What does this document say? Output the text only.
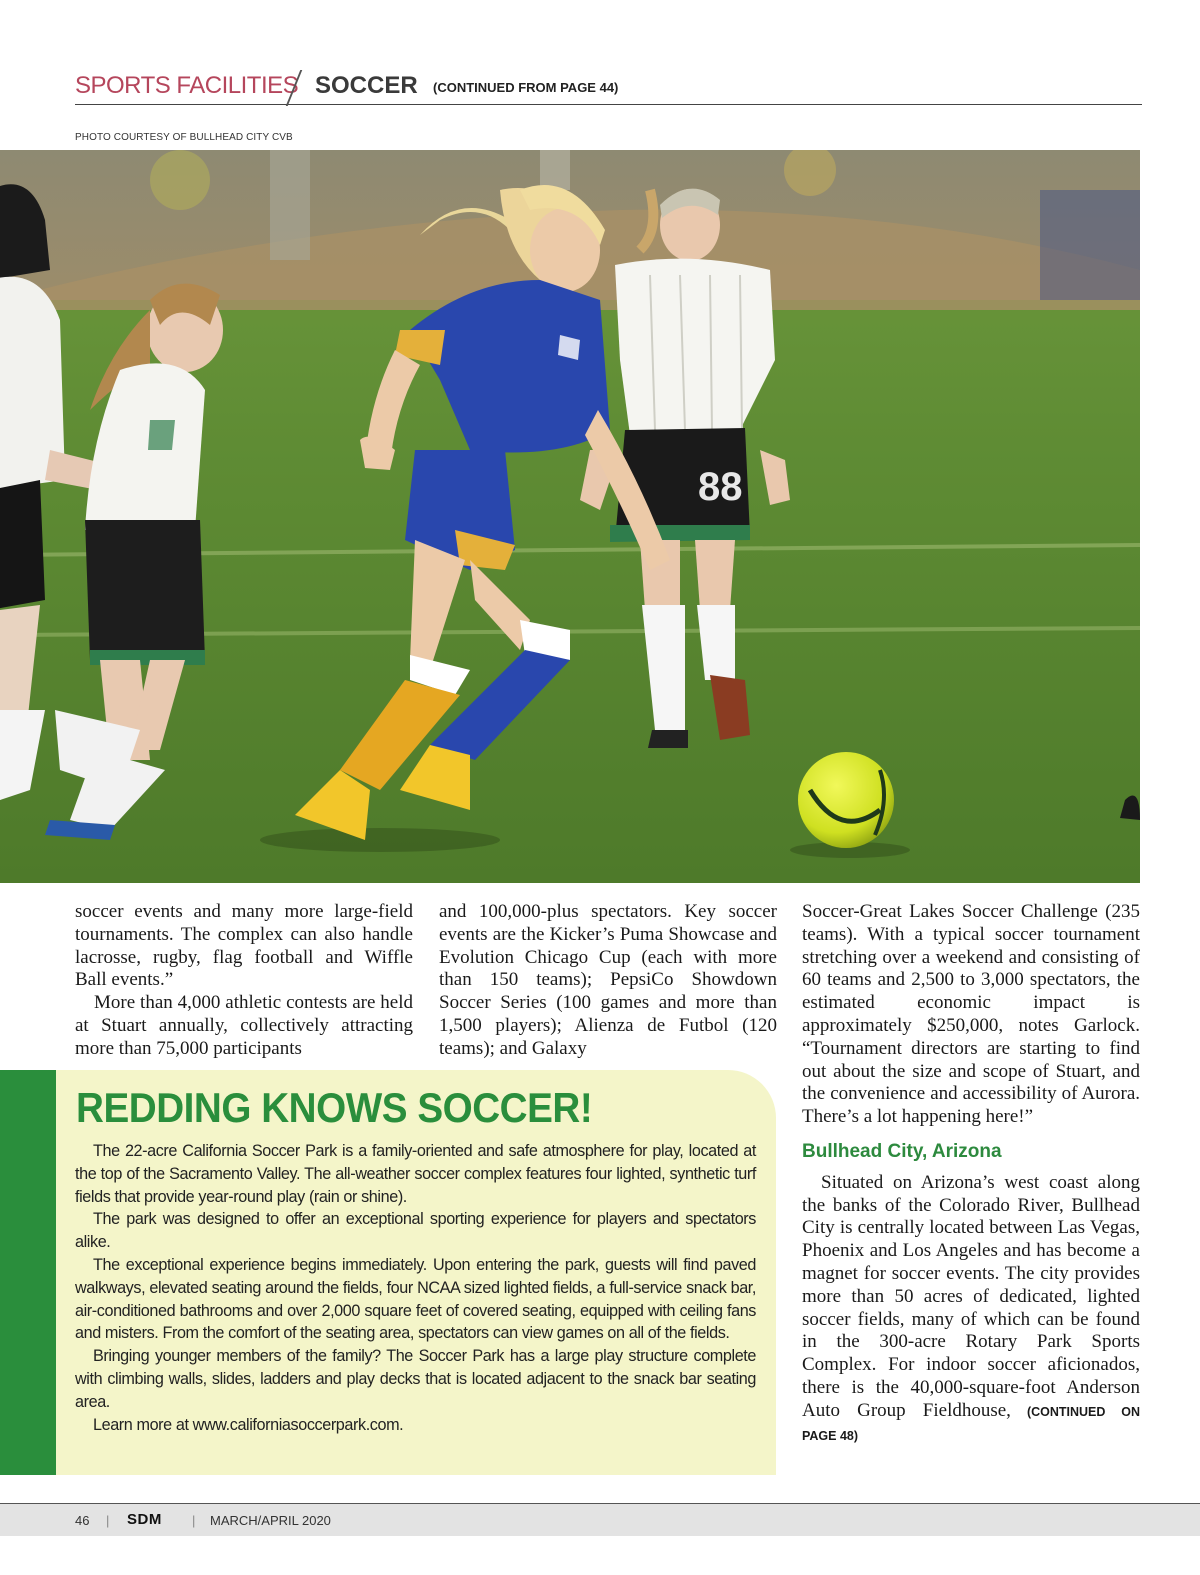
SPORTS FACILITIES SOCCER (CONTINUED FROM PAGE 44)
PHOTO COURTESY OF BULLHEAD CITY CVB
88

soccer events and many more large-field tournaments. The complex can also handle lacrosse, rugby, flag football and Wiffle Ball events.”

More than 4,000 athletic contests are held at Stuart annually, collectively attracting more than 75,000 participants

and 100,000-plus spectators. Key soccer events are the Kicker’s Puma Showcase and Evolution Chicago Cup (each with more than 150 teams); PepsiCo Showdown Soccer Series (100 games and more than 1,500 players); Alienza de Futbol (120 teams); and Galaxy

Soccer-Great Lakes Soccer Challenge (235 teams). With a typical soccer tournament stretching over a weekend and consisting of 60 teams and 2,500 to 3,000 spectators, the estimated economic impact is approximately $250,000, notes Garlock. “Tournament directors are starting to find out about the size and scope of Stuart, and the convenience and accessibility of Aurora. There’s a lot happening here!”

Bullhead City, Arizona

Situated on Arizona’s west coast along the banks of the Colorado River, Bullhead City is centrally located between Las Vegas, Phoenix and Los Angeles and has become a magnet for soccer events. The city provides more than 50 acres of dedicated, lighted soccer fields, many of which can be found in the 300-acre Rotary Park Sports Complex. For indoor soccer aficionados, there is the 40,000-square-foot Anderson Auto Group Fieldhouse, (CONTINUED ON PAGE 48)

REDDING KNOWS SOCCER!

The 22-acre California Soccer Park is a family-oriented and safe atmosphere for play, located at the top of the Sacramento Valley. The all-weather soccer complex features four lighted, synthetic turf fields that provide year-round play (rain or shine).

The park was designed to offer an exceptional sporting experience for players and spectators alike.

The exceptional experience begins immediately. Upon entering the park, guests will find paved walkways, elevated seating around the fields, four NCAA sized lighted fields, a full-service snack bar, air-conditioned bathrooms and over 2,000 square feet of covered seating, equipped with ceiling fans and misters. From the comfort of the seating area, spectators can view games on all of the fields.

Bringing younger members of the family? The Soccer Park has a large play structure complete with climbing walls, slides, ladders and play decks that is located adjacent to the snack bar seating area.

Learn more at www.californiasoccerpark.com.

46 | SDM | MARCH/APRIL 2020
